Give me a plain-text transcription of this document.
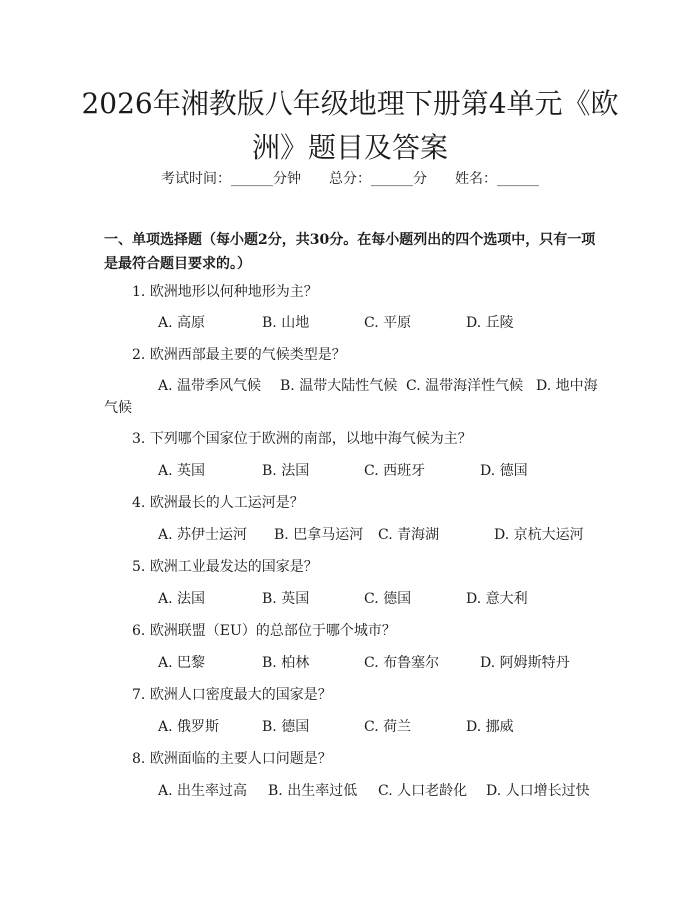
2026年湘教版八年级地理下册第4单元《欧洲》题目及答案
考试时间：______分钟 总分：______分 姓名：______

一、单项选择题（每小题2分，共30分。在每小题列出的四个选项中，只有一项是最符合题目要求的。）

1. 欧洲地形以何种地形为主？
A. 高原	B. 山地	C. 平原	D. 丘陵
2. 欧洲西部最主要的气候类型是？
A. 温带季风气候 B. 温带大陆性气候 C. 温带海洋性气候 D. 地中海
气候
3. 下列哪个国家位于欧洲的南部，以地中海气候为主？
A. 英国	B. 法国	C. 西班牙	D. 德国
4. 欧洲最长的人工运河是？
A. 苏伊士运河 B. 巴拿马运河 C. 青海湖	D. 京杭大运河
5. 欧洲工业最发达的国家是？
A. 法国	B. 英国	C. 德国	D. 意大利
6. 欧洲联盟（EU）的总部位于哪个城市？
A. 巴黎	B. 柏林	C. 布鲁塞尔	D. 阿姆斯特丹
7. 欧洲人口密度最大的国家是？
A. 俄罗斯	B. 德国	C. 荷兰	D. 挪威
8. 欧洲面临的主要人口问题是？
A. 出生率过高 B. 出生率过低 C. 人口老龄化 D. 人口增长过快
